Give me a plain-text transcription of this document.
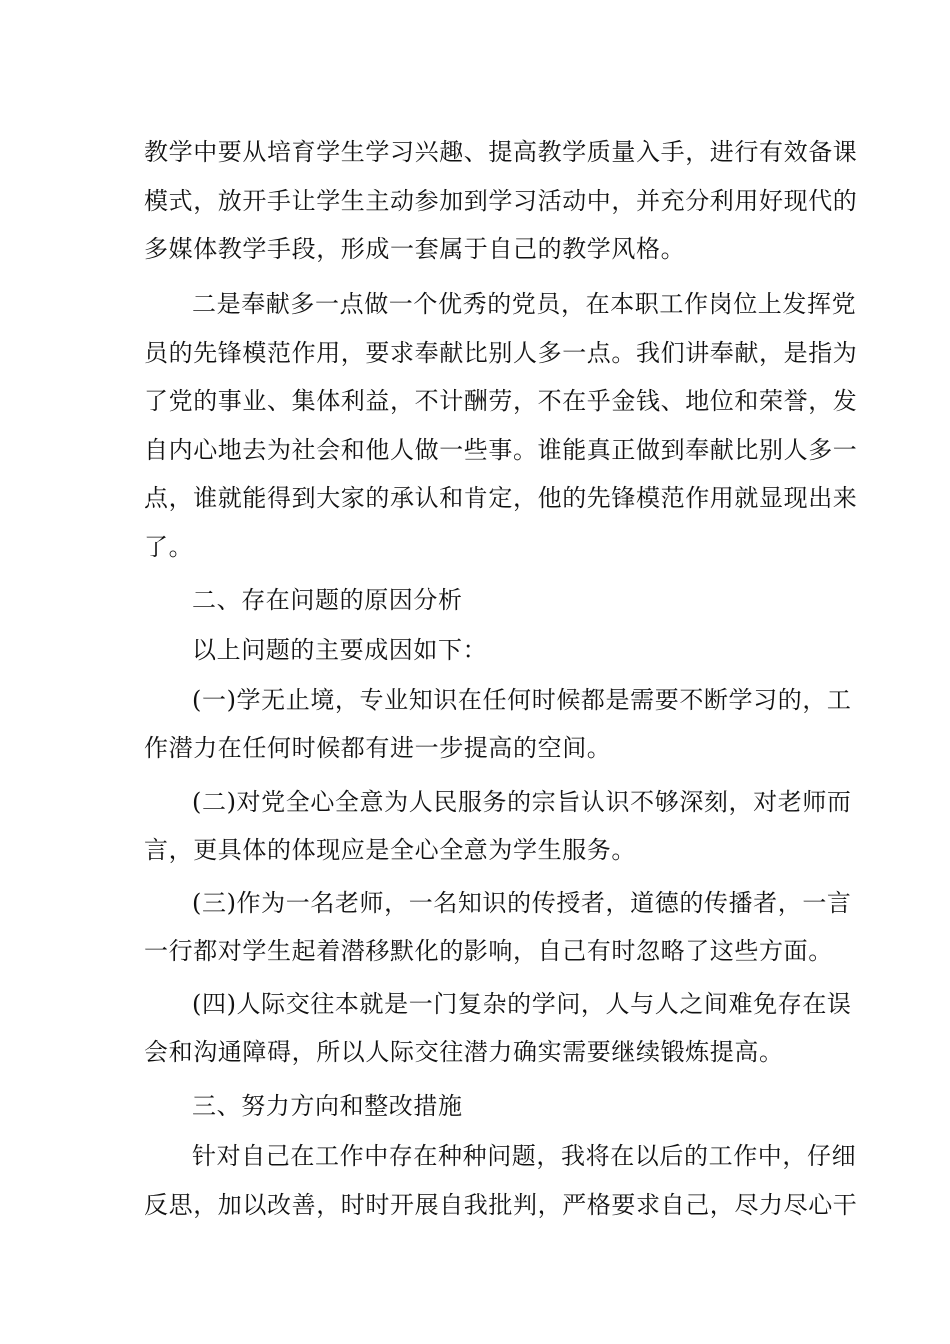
教学中要从培育学生学习兴趣、提高教学质量入手，进行有效备课
模式，放开手让学生主动参加到学习活动中，并充分利用好现代的
多媒体教学手段，形成一套属于自己的教学风格。
二是奉献多一点做一个优秀的党员，在本职工作岗位上发挥党
员的先锋模范作用，要求奉献比别人多一点。我们讲奉献，是指为
了党的事业、集体利益，不计酬劳，不在乎金钱、地位和荣誉，发
自内心地去为社会和他人做一些事。谁能真正做到奉献比别人多一
点，谁就能得到大家的承认和肯定，他的先锋模范作用就显现出来
了。
二、存在问题的原因分析
以上问题的主要成因如下：
(一)学无止境，专业知识在任何时候都是需要不断学习的，工
作潜力在任何时候都有进一步提高的空间。
(二)对党全心全意为人民服务的宗旨认识不够深刻，对老师而
言，更具体的体现应是全心全意为学生服务。
(三)作为一名老师，一名知识的传授者，道德的传播者，一言
一行都对学生起着潜移默化的影响，自己有时忽略了这些方面。
(四)人际交往本就是一门复杂的学问，人与人之间难免存在误
会和沟通障碍，所以人际交往潜力确实需要继续锻炼提高。
三、努力方向和整改措施
针对自己在工作中存在种种问题，我将在以后的工作中，仔细
反思，加以改善，时时开展自我批判，严格要求自己，尽力尽心干
